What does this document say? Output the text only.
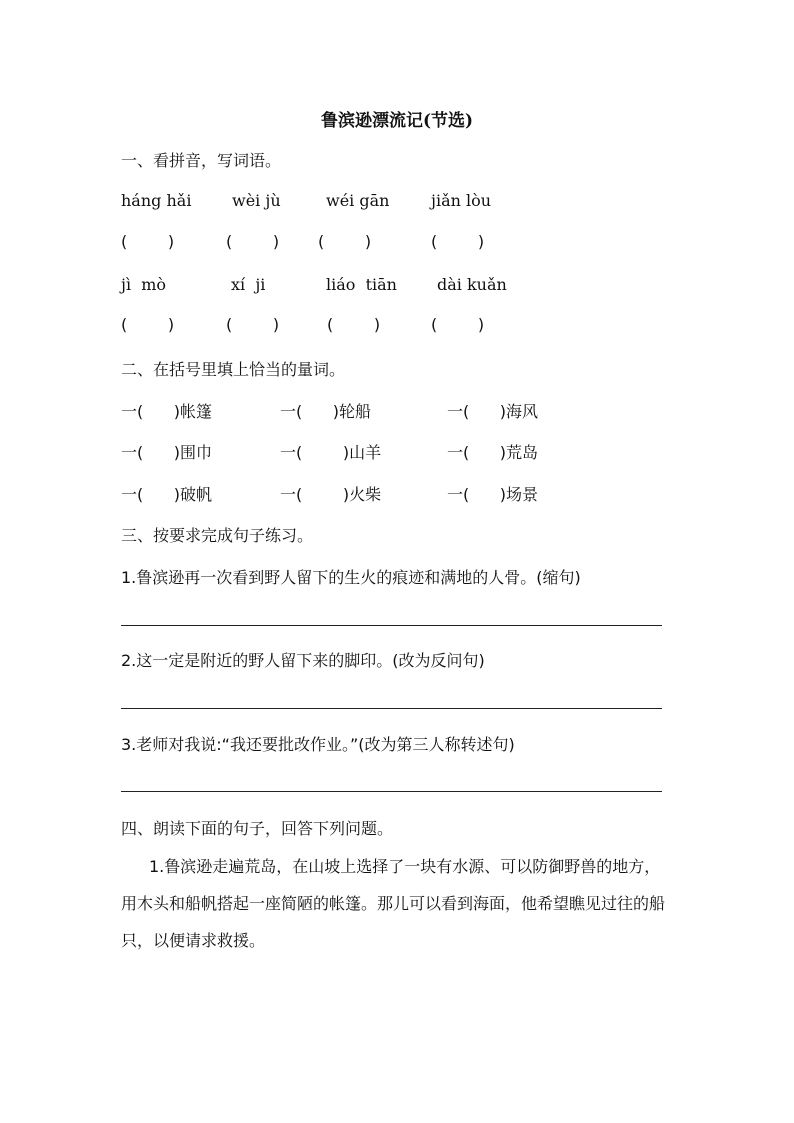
鲁滨逊漂流记(节选)
一、看拼音，写词语。
háng hǎi	wèi jù	wéi gān	jiǎn lòu
(        )	(        ) (        )	(        )
jì  mò	xí  ji	liáo  tiān	dài kuǎn
(        )	(        )	(        )	(        )
二、在括号里填上恰当的量词。
一(      )帐篷	一(      )轮船	一(      )海风
一(      )围巾	一(        )山羊	一(      )荒岛
一(      )破帆	一(        )火柴	一(      )场景
三、按要求完成句子练习。
1.鲁滨逊再一次看到野人留下的生火的痕迹和满地的人骨。(缩句)
2.这一定是附近的野人留下来的脚印。(改为反问句)
3.老师对我说:“我还要批改作业。”(改为第三人称转述句)
四、朗读下面的句子，回答下列问题。
1.鲁滨逊走遍荒岛，在山坡上选择了一块有水源、可以防御野兽的地方，用木头和船帆搭起一座简陋的帐篷。那儿可以看到海面，他希望瞧见过往的船只，以便请求救援。
